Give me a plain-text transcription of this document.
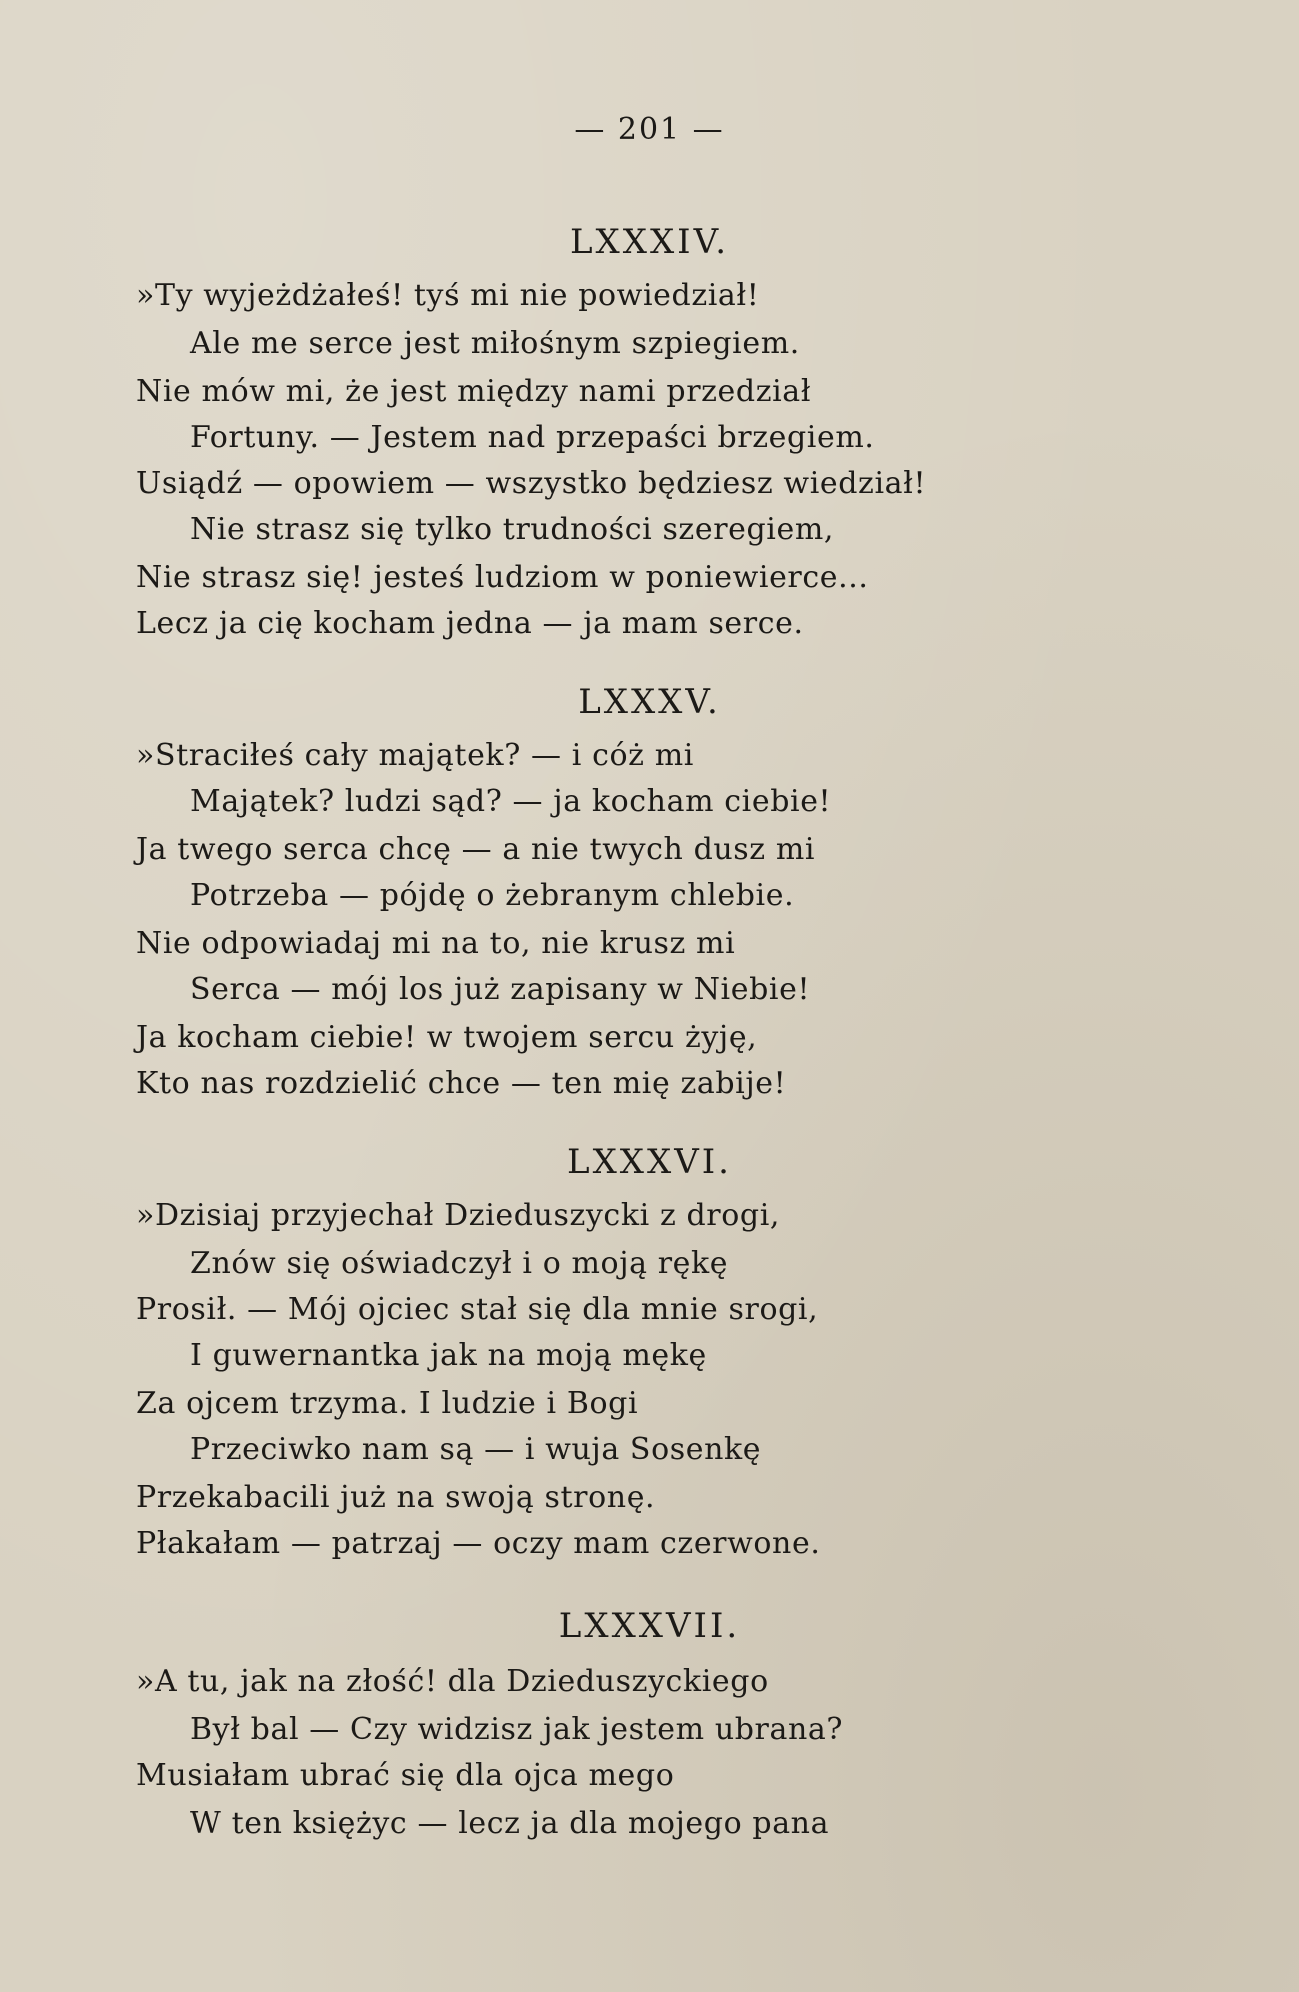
— 201 —
LXXXIV.
»Ty wyjeżdżałeś! tyś mi nie powiedział!
Ale me serce jest miłośnym szpiegiem.
Nie mów mi, że jest między nami przedział
Fortuny. — Jestem nad przepaści brzegiem.
Usiądź — opowiem — wszystko będziesz wiedział!
Nie strasz się tylko trudności szeregiem,
Nie strasz się! jesteś ludziom w poniewierce...
Lecz ja cię kocham jedna — ja mam serce.
LXXXV.
»Straciłeś cały majątek? — i cóż mi
Majątek? ludzi sąd? — ja kocham ciebie!
Ja twego serca chcę — a nie twych dusz mi
Potrzeba — pójdę o żebranym chlebie.
Nie odpowiadaj mi na to, nie krusz mi
Serca — mój los już zapisany w Niebie!
Ja kocham ciebie! w twojem sercu żyję,
Kto nas rozdzielić chce — ten mię zabije!
LXXXVI.
»Dzisiaj przyjechał Dzieduszycki z drogi,
Znów się oświadczył i o moją rękę
Prosił. — Mój ojciec stał się dla mnie srogi,
I guwernantka jak na moją mękę
Za ojcem trzyma. I ludzie i Bogi
Przeciwko nam są — i wuja Sosenkę
Przekabacili już na swoją stronę.
Płakałam — patrzaj — oczy mam czerwone.
LXXXVII.
»A tu, jak na złość! dla Dzieduszyckiego
Był bal — Czy widzisz jak jestem ubrana?
Musiałam ubrać się dla ojca mego
W ten księżyc — lecz ja dla mojego pana
